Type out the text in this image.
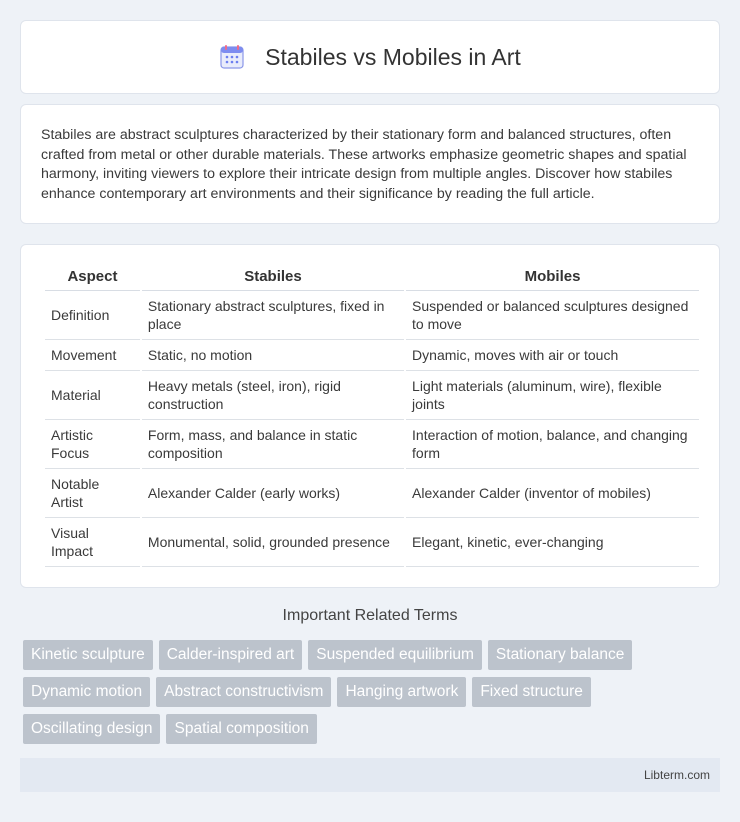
Stabiles vs Mobiles in Art

Stabiles are abstract sculptures characterized by their stationary form and balanced structures, often crafted from metal or other durable materials. These artworks emphasize geometric shapes and spatial harmony, inviting viewers to explore their intricate design from multiple angles. Discover how stabiles enhance contemporary art environments and their significance by reading the full article.

Aspect	Stabiles	Mobiles
Definition	Stationary abstract sculptures, fixed in place	Suspended or balanced sculptures designed to move
Movement	Static, no motion	Dynamic, moves with air or touch
Material	Heavy metals (steel, iron), rigid construction	Light materials (aluminum, wire), flexible joints
Artistic Focus	Form, mass, and balance in static composition	Interaction of motion, balance, and changing form
Notable Artist	Alexander Calder (early works)	Alexander Calder (inventor of mobiles)
Visual Impact	Monumental, solid, grounded presence	Elegant, kinetic, ever-changing
Important Related Terms
Kinetic sculpture	Calder-inspired art	Suspended equilibrium	Stationary balance
Dynamic motion	Abstract constructivism	Hanging artwork	Fixed structure
Oscillating design	Spatial composition
Libterm.com
